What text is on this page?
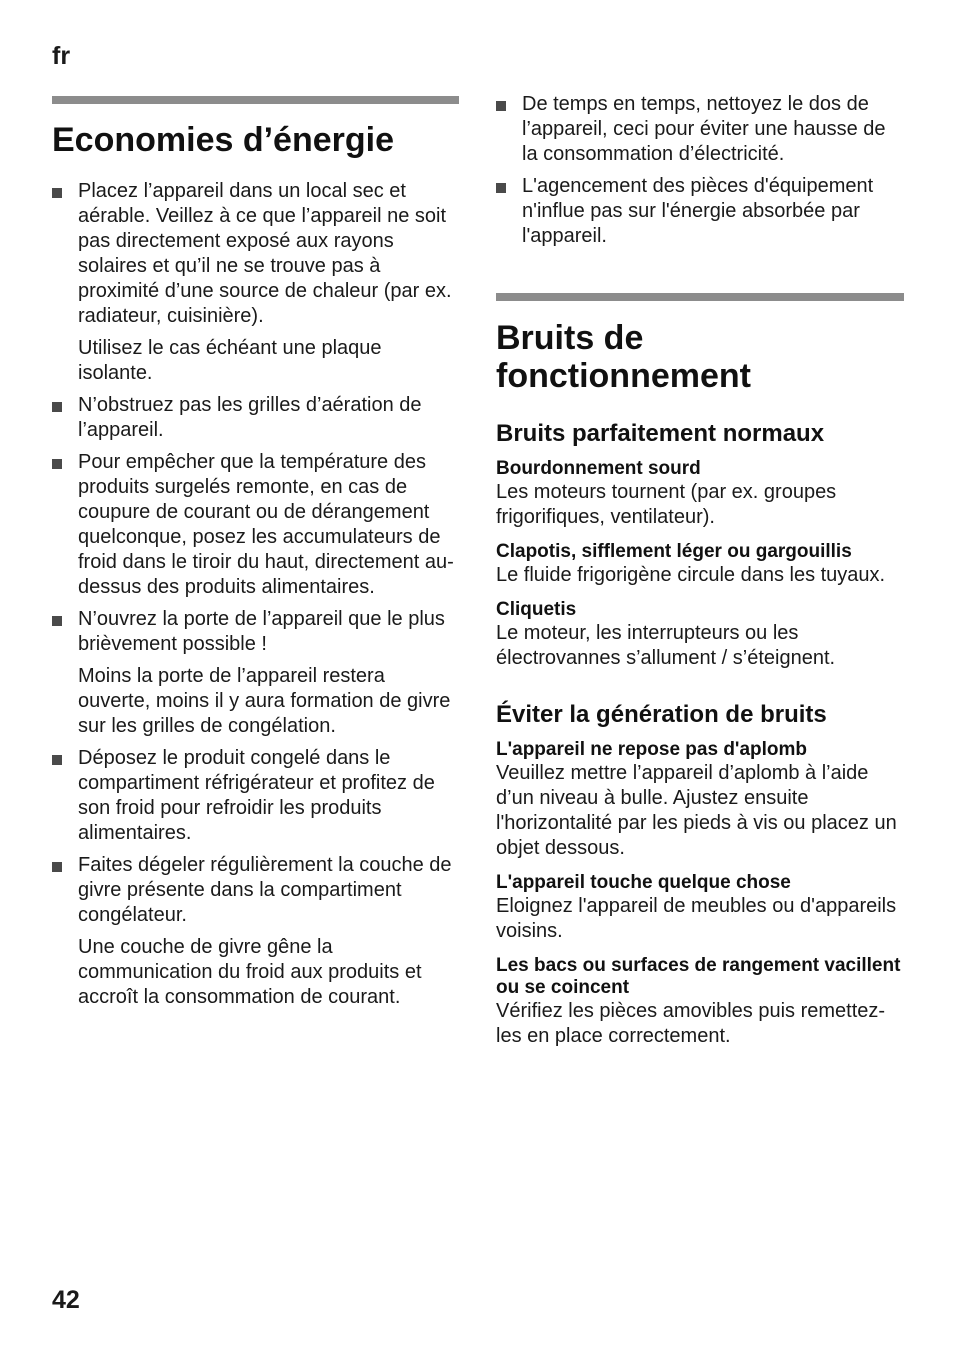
fr
Economies d’énergie

Placez l’appareil dans un local sec et aérable. Veillez à ce que l’appareil ne soit pas directement exposé aux rayons solaires et qu’il ne se trouve pas à proximité d’une source de chaleur (par ex. radiateur, cuisinière).

Utilisez le cas échéant une plaque isolante.

N’obstruez pas les grilles d’aération de l’appareil.

Pour empêcher que la température des produits surgelés remonte, en cas de coupure de courant ou de dérangement quelconque, posez les accumulateurs de froid dans le tiroir du haut, directement au-dessus des produits alimentaires.

N’ouvrez la porte de l’appareil que le plus brièvement possible !

Moins la porte de l’appareil restera ouverte, moins il y aura formation de givre sur les grilles de congélation.

Déposez le produit congelé dans le compartiment réfrigérateur et profitez de son froid pour refroidir les produits alimentaires.

Faites dégeler régulièrement la couche de givre présente dans la compartiment congélateur.

Une couche de givre gêne la communication du froid aux produits et accroît la consommation de courant.

De temps en temps, nettoyez le dos de l’appareil, ceci pour éviter une hausse de la consommation d’électricité.

L'agencement des pièces d'équipement n'influe pas sur l'énergie absorbée par l'appareil.

Bruits de fonctionnement
Bruits parfaitement normaux
Bourdonnement sourd
Les moteurs tournent (par ex. groupes frigorifiques, ventilateur).
Clapotis, sifflement léger ou gargouillis
Le fluide frigorigène circule dans les tuyaux.
Cliquetis
Le moteur, les interrupteurs ou les électrovannes s’allument / s’éteignent.
Éviter la génération de bruits
L'appareil ne repose pas d'aplomb
Veuillez mettre l’appareil d’aplomb à l’aide d’un niveau à bulle. Ajustez ensuite l'horizontalité par les pieds à vis ou placez un objet dessous.
L'appareil touche quelque chose
Eloignez l'appareil de meubles ou d'appareils voisins.
Les bacs ou surfaces de rangement vacillent ou se coincent
Vérifiez les pièces amovibles puis remettez-les en place correctement.
42
